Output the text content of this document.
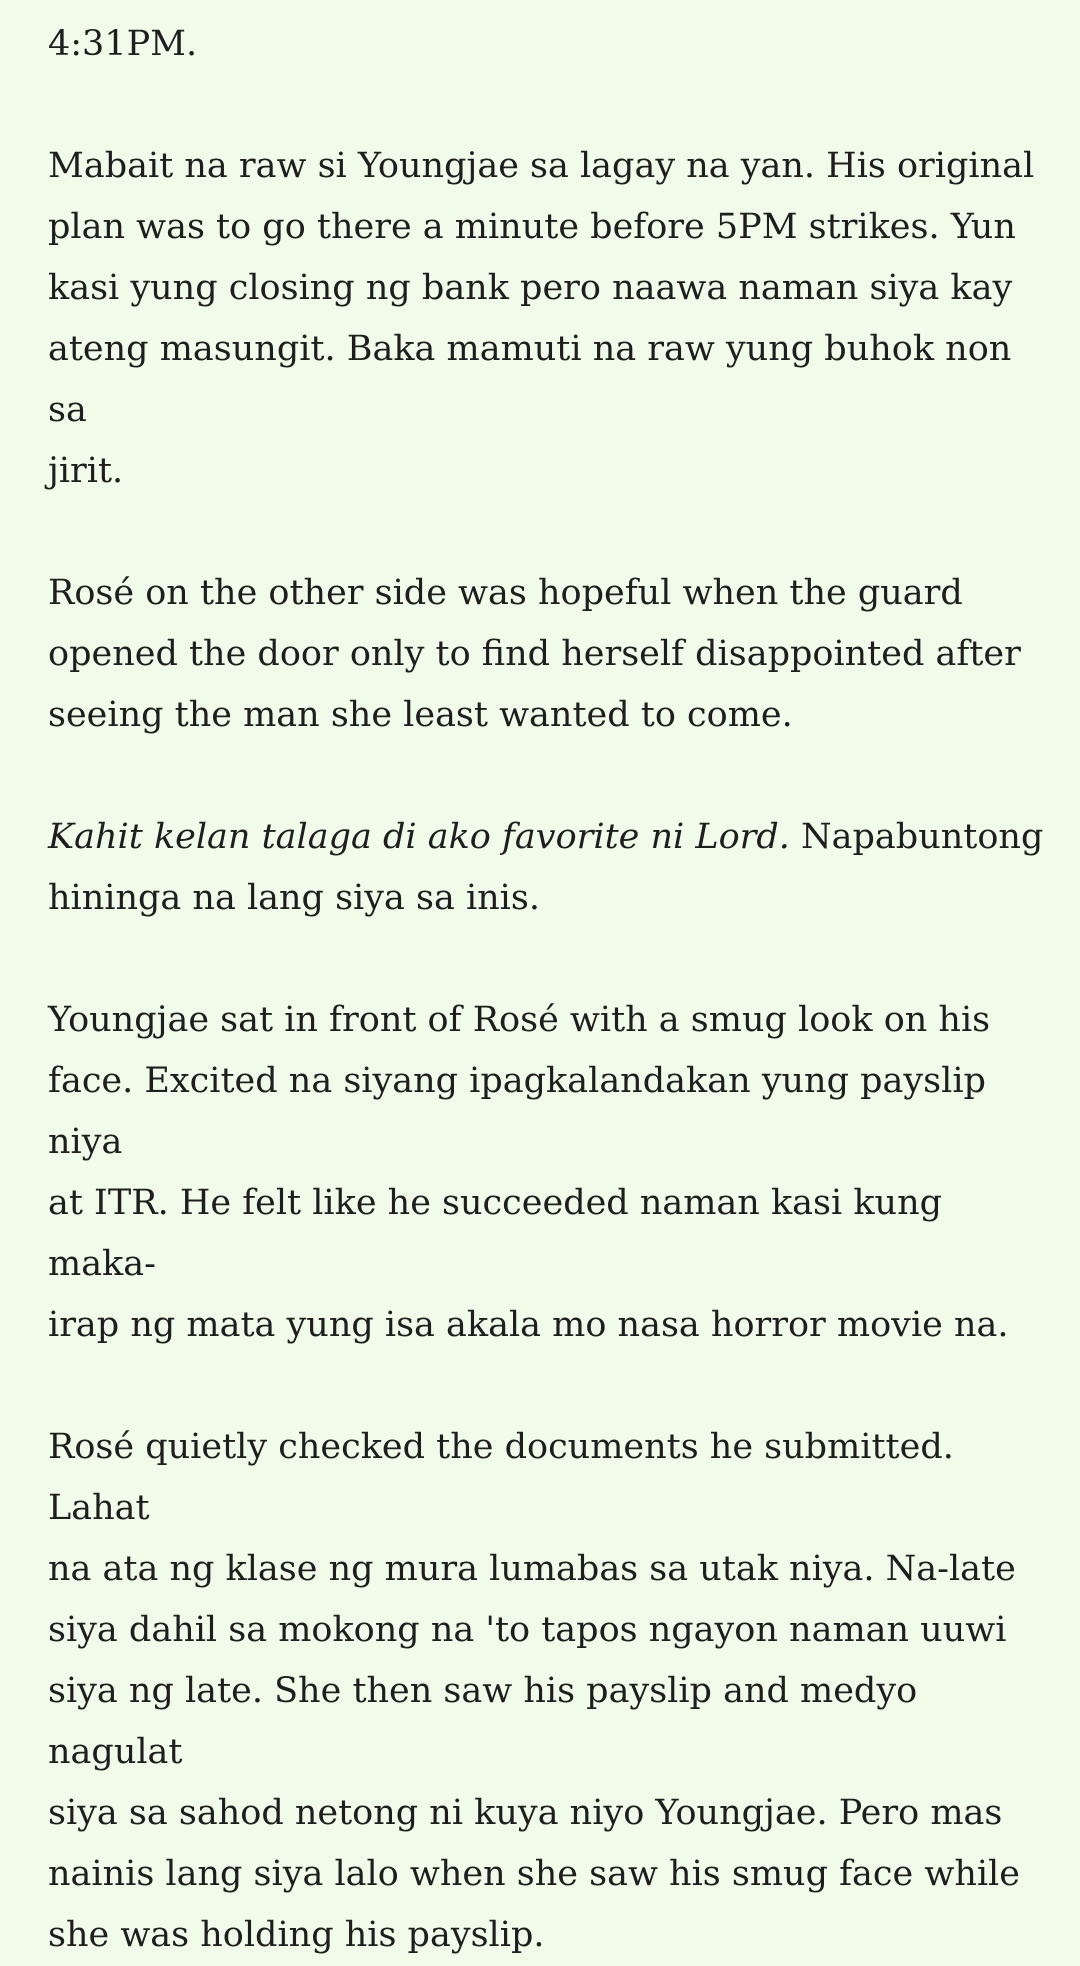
4:31PM.

Mabait na raw si Youngjae sa lagay na yan. His original
plan was to go there a minute before 5PM strikes. Yun
kasi yung closing ng bank pero naawa naman siya kay
ateng masungit. Baka mamuti na raw yung buhok non sa
jirit.

Rosé on the other side was hopeful when the guard
opened the door only to find herself disappointed after
seeing the man she least wanted to come.

Kahit kelan talaga di ako favorite ni Lord. Napabuntong
hininga na lang siya sa inis.

Youngjae sat in front of Rosé with a smug look on his
face. Excited na siyang ipagkalandakan yung payslip niya
at ITR. He felt like he succeeded naman kasi kung maka-
irap ng mata yung isa akala mo nasa horror movie na.

Rosé quietly checked the documents he submitted. Lahat
na ata ng klase ng mura lumabas sa utak niya. Na-late
siya dahil sa mokong na 'to tapos ngayon naman uuwi
siya ng late. She then saw his payslip and medyo nagulat
siya sa sahod netong ni kuya niyo Youngjae. Pero mas
nainis lang siya lalo when she saw his smug face while
she was holding his payslip.
